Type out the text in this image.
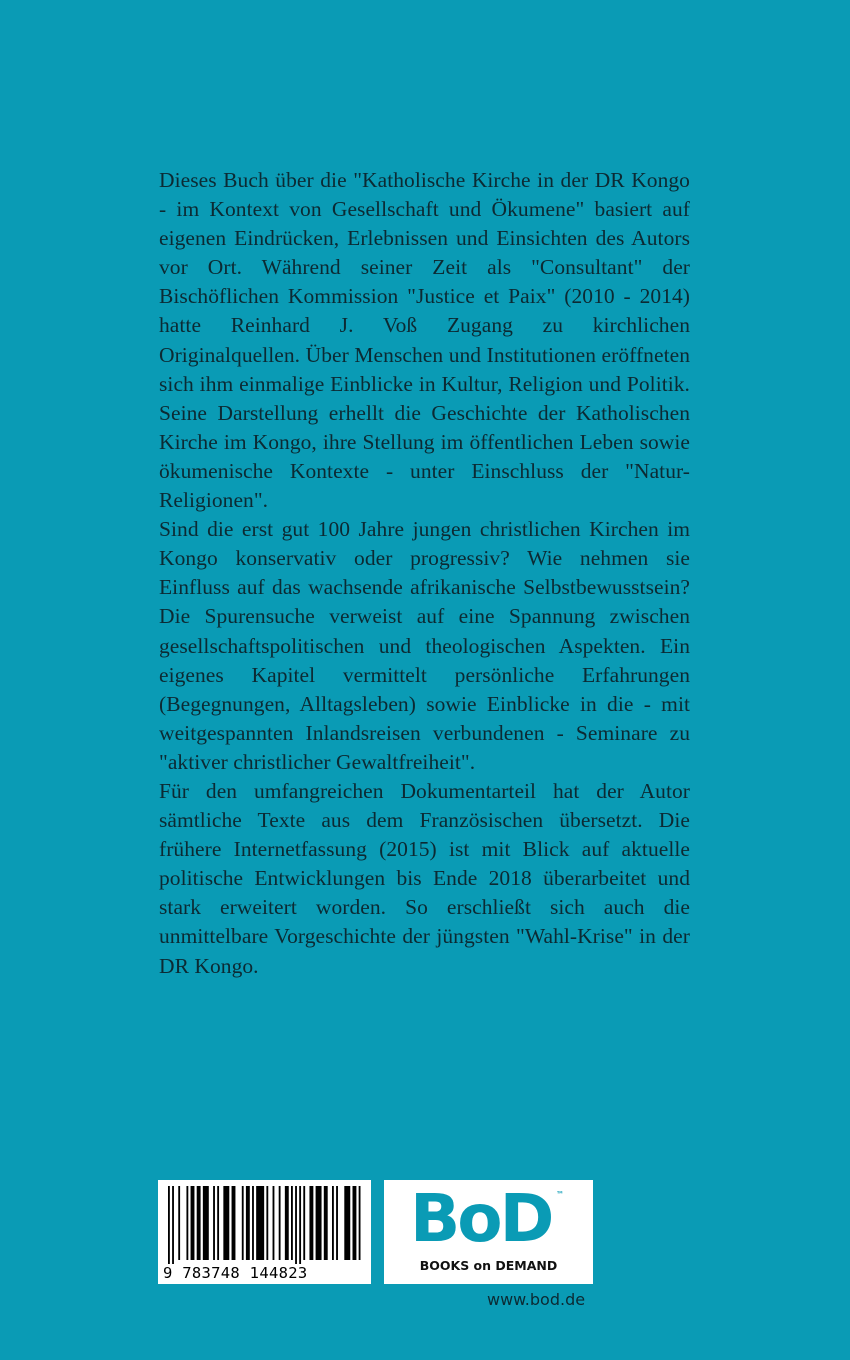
Dieses Buch über die "Katholische Kirche in der DR Kongo - im Kontext von Gesellschaft und Ökumene" basiert auf eigenen Eindrücken, Erlebnissen und Einsichten des Autors vor Ort. Während seiner Zeit als "Consultant" der Bischöflichen Kommission "Justice et Paix" (2010 - 2014) hatte Reinhard J. Voß Zugang zu kirchlichen Originalquellen. Über Menschen und Institutionen eröffneten sich ihm einmalige Einblicke in Kultur, Religion und Politik. Seine Darstellung erhellt die Geschichte der Katholischen Kirche im Kongo, ihre Stellung im öffentlichen Leben sowie ökumenische Kontexte - unter Einschluss der "Natur-Religionen".

Sind die erst gut 100 Jahre jungen christlichen Kirchen im Kongo konservativ oder progressiv? Wie nehmen sie Einfluss auf das wachsende afrikanische Selbstbewusstsein? Die Spurensuche verweist auf eine Spannung zwischen gesellschaftspolitischen und theologischen Aspekten. Ein eigenes Kapitel vermittelt persönliche Erfahrungen (Begegnungen, Alltagsleben) sowie Einblicke in die - mit weitgespannten Inlandsreisen verbundenen - Seminare zu "aktiver christlicher Gewaltfreiheit".

Für den umfangreichen Dokumentarteil hat der Autor sämtliche Texte aus dem Französischen übersetzt. Die frühere Internetfassung (2015) ist mit Blick auf aktuelle politische Entwicklungen bis Ende 2018 überarbeitet und stark erweitert worden. So erschließt sich auch die unmittelbare Vorgeschichte der jüngsten "Wahl-Krise" in der DR Kongo.

9 783748 144823
BoD ™
BOOKS on DEMAND
www.bod.de
